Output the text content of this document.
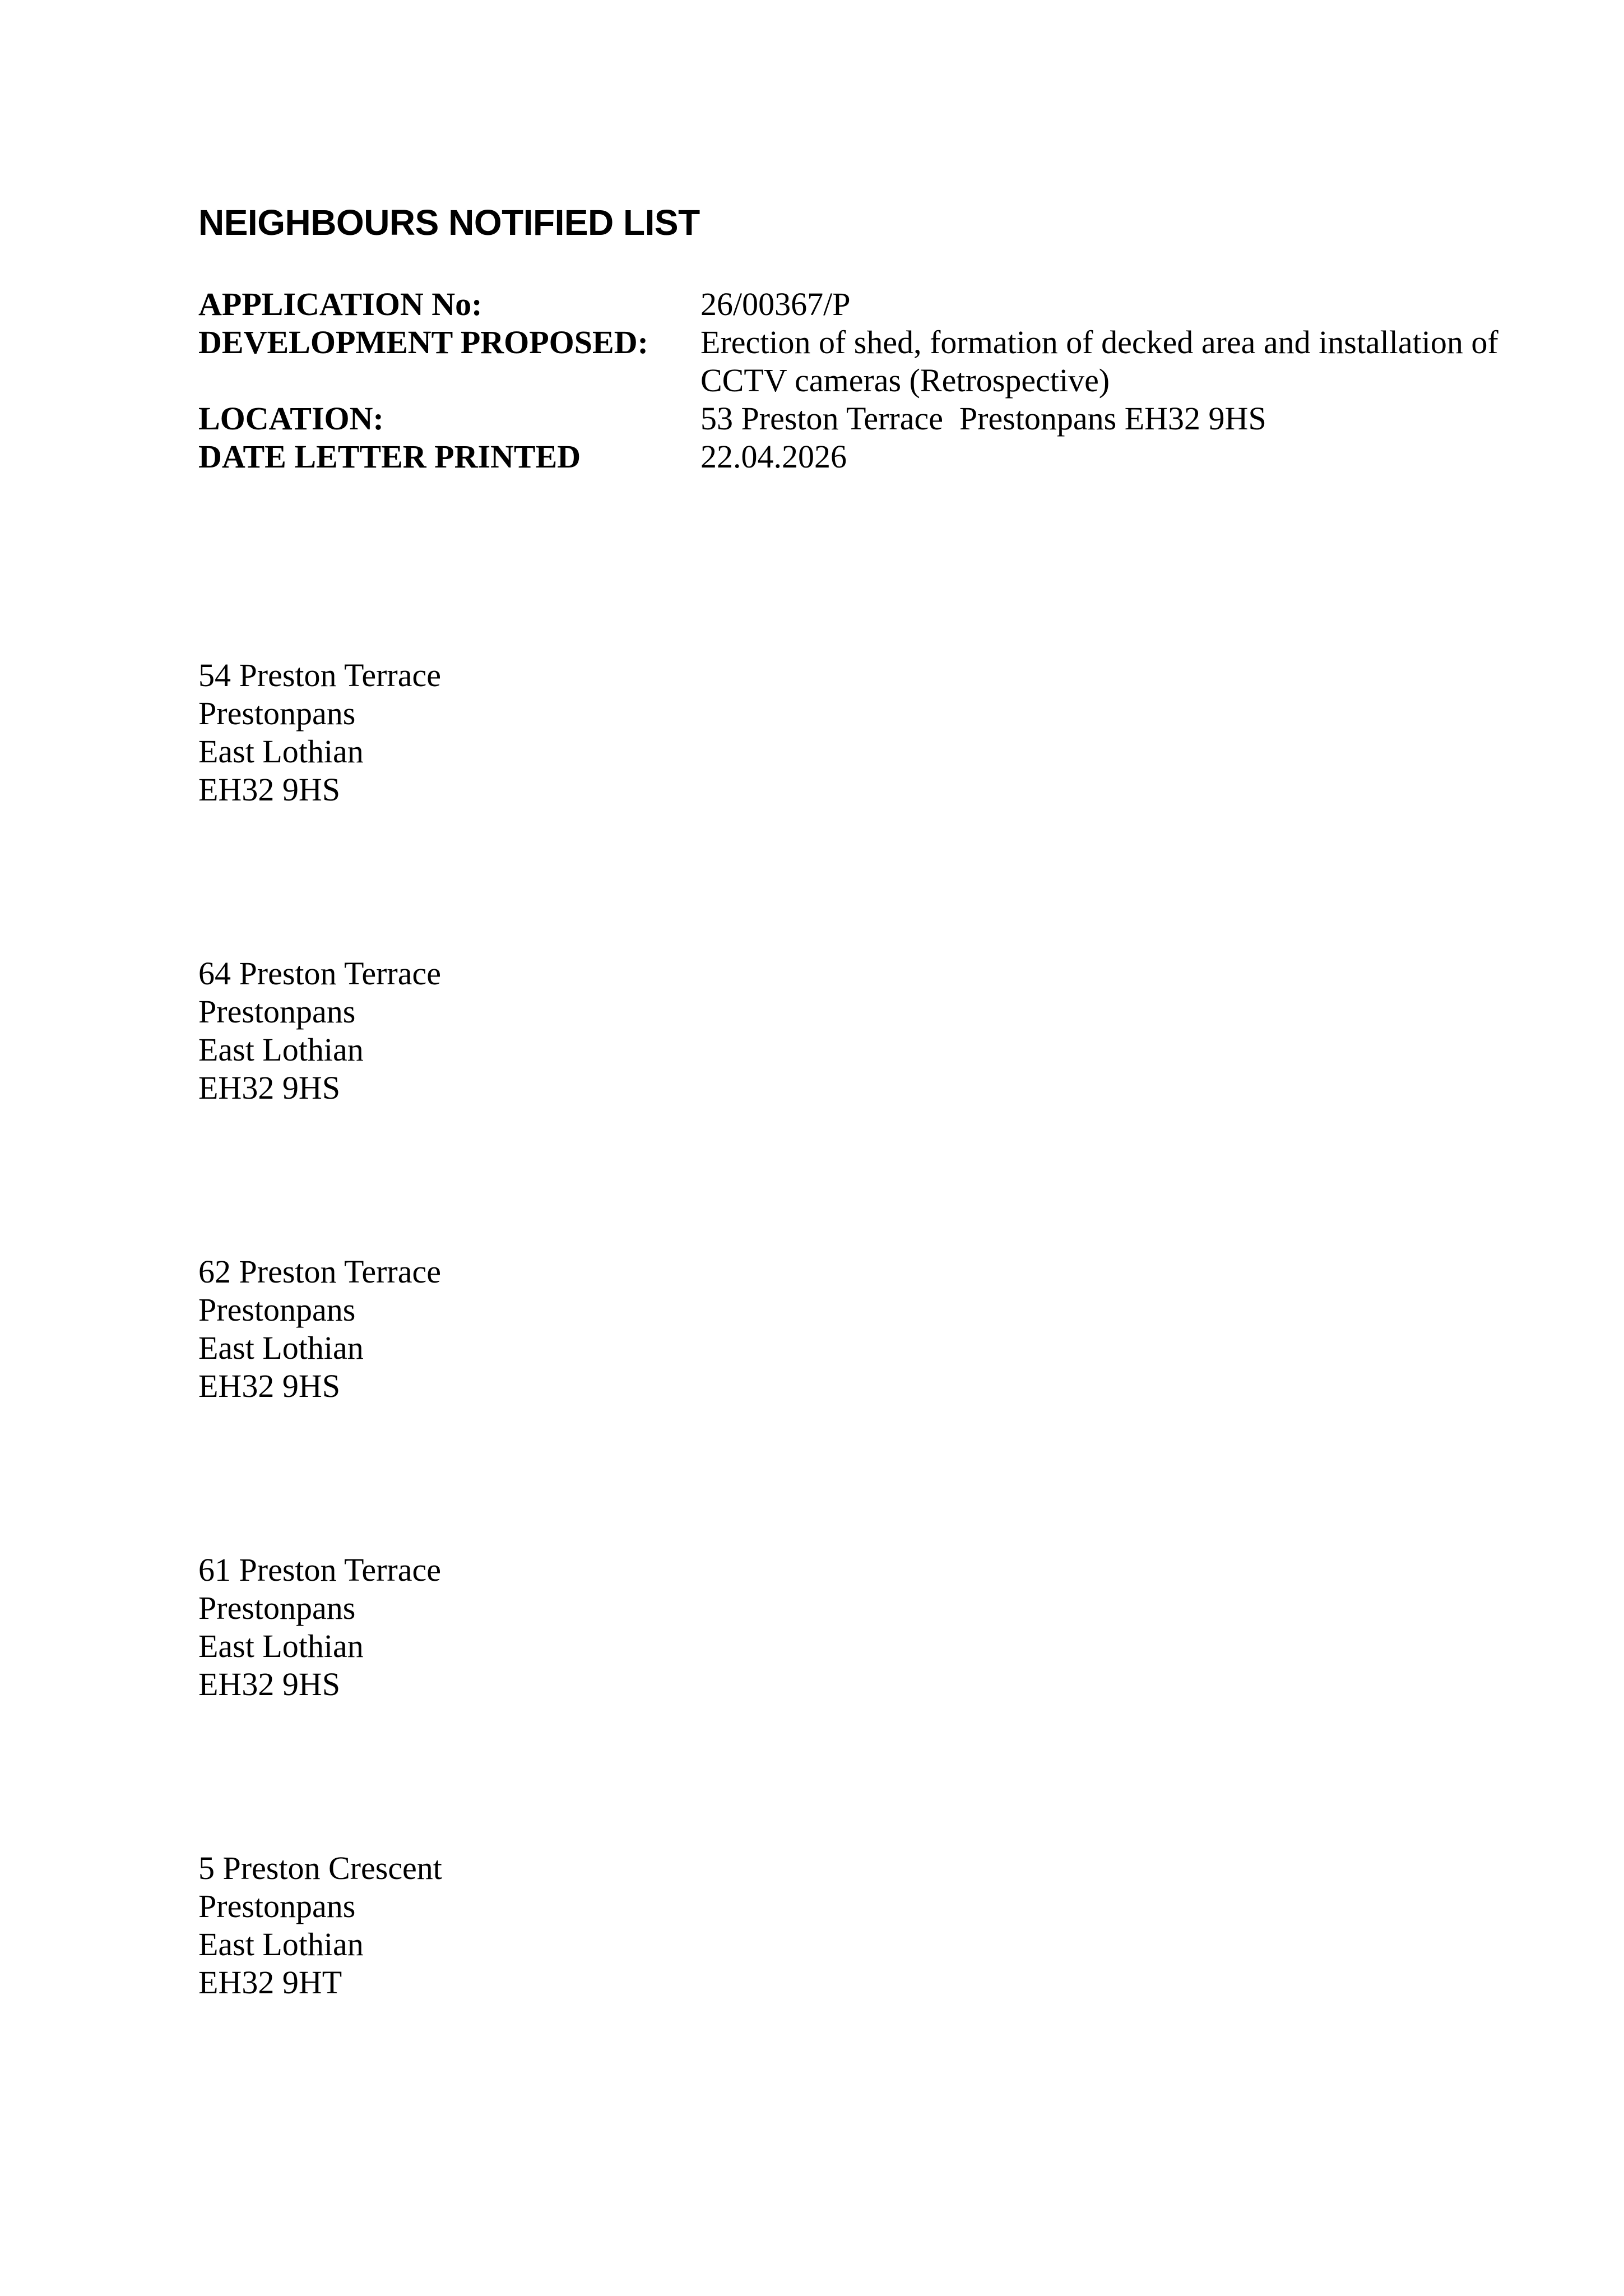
NEIGHBOURS NOTIFIED LIST
APPLICATION No:	26/00367/P
DEVELOPMENT PROPOSED:	Erection of shed, formation of decked area and installation of CCTV cameras (Retrospective)
LOCATION:	53 Preston Terrace  Prestonpans EH32 9HS
DATE LETTER PRINTED	22.04.2026
54 Preston Terrace
Prestonpans
East Lothian
EH32 9HS
64 Preston Terrace
Prestonpans
East Lothian
EH32 9HS
62 Preston Terrace
Prestonpans
East Lothian
EH32 9HS
61 Preston Terrace
Prestonpans
East Lothian
EH32 9HS
5 Preston Crescent
Prestonpans
East Lothian
EH32 9HT
